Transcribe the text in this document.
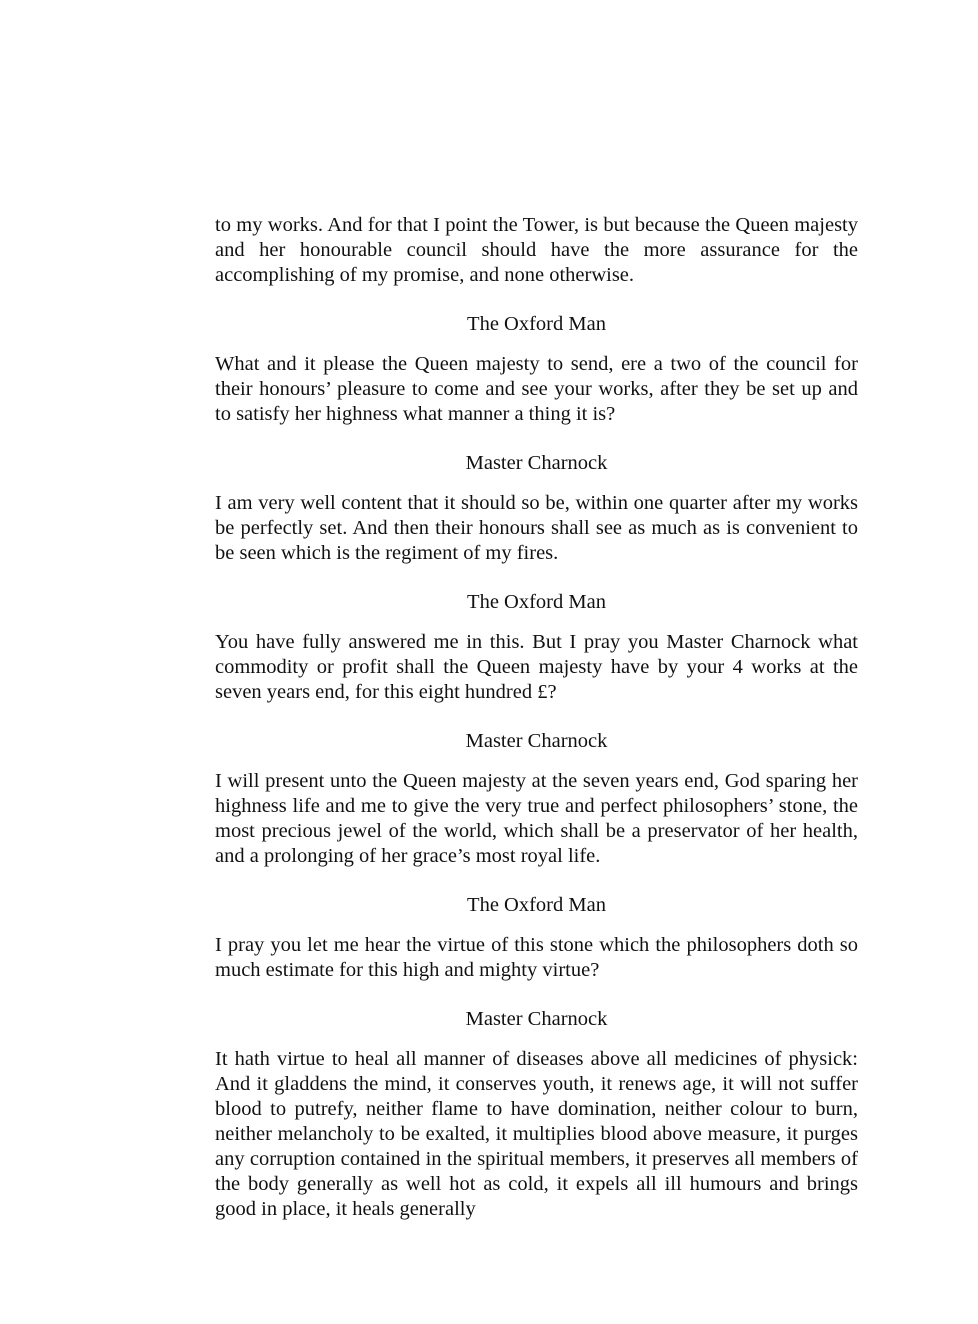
to my works. And for that I point the Tower, is but because the Queen majesty and her honourable council should have the more assurance for the accomplishing of my promise, and none otherwise.

The Oxford Man

What and it please the Queen majesty to send, ere a two of the council for their honours’ pleasure to come and see your works, after they be set up and to satisfy her highness what manner a thing it is?

Master Charnock

I am very well content that it should so be, within one quarter after my works be perfectly set. And then their honours shall see as much as is convenient to be seen which is the regiment of my fires.

The Oxford Man

You have fully answered me in this. But I pray you Master Charnock what commodity or profit shall the Queen majesty have by your 4 works at the seven years end, for this eight hundred £?

Master Charnock

I will present unto the Queen majesty at the seven years end, God sparing her highness life and me to give the very true and perfect philosophers’ stone, the most precious jewel of the world, which shall be a preservator of her health, and a prolonging of her grace’s most royal life.

The Oxford Man

I pray you let me hear the virtue of this stone which the philosophers doth so much estimate for this high and mighty virtue?

Master Charnock

It hath virtue to heal all manner of diseases above all medicines of physick: And it gladdens the mind, it conserves youth, it renews age, it will not suffer blood to putrefy, neither flame to have domination, neither colour to burn, neither melancholy to be exalted, it multiplies blood above measure, it purges any corruption contained in the spiritual members, it preserves all members of the body generally as well hot as cold, it expels all ill humours and brings good in place, it heals generally
